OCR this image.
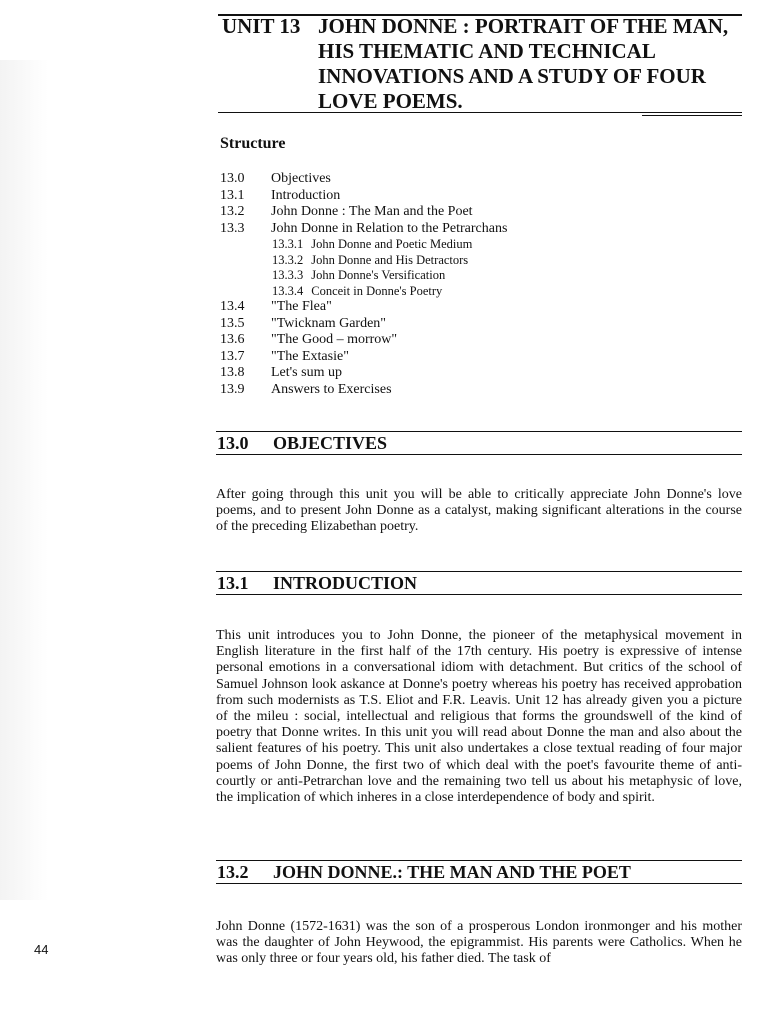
UNIT 13 JOHN DONNE : PORTRAIT OF THE MAN, HIS THEMATIC AND TECHNICAL INNOVATIONS AND A STUDY OF FOUR LOVE POEMS.
Structure
13.0 Objectives
13.1 Introduction
13.2 John Donne : The Man and the Poet
13.3 John Donne in Relation to the Petrarchans
13.3.1 John Donne and Poetic Medium
13.3.2 John Donne and His Detractors
13.3.3 John Donne's Versification
13.3.4 Conceit in Donne's Poetry
13.4 "The Flea"
13.5 "Twicknam Garden"
13.6 "The Good – morrow"
13.7 "The Extasie"
13.8 Let's sum up
13.9 Answers to Exercises
13.0 OBJECTIVES
After going through this unit you will be able to critically appreciate John Donne's love poems, and to present John Donne as a catalyst, making significant alterations in the course of the preceding Elizabethan poetry.
13.1 INTRODUCTION
This unit introduces you to John Donne, the pioneer of the metaphysical movement in English literature in the first half of the 17th century. His poetry is expressive of intense personal emotions in a conversational idiom with detachment. But critics of the school of Samuel Johnson look askance at Donne's poetry whereas his poetry has received approbation from such modernists as T.S. Eliot and F.R. Leavis. Unit 12 has already given you a picture of the mileu : social, intellectual and religious that forms the groundswell of the kind of poetry that Donne writes. In this unit you will read about Donne the man and also about the salient features of his poetry. This unit also undertakes a close textual reading of four major poems of John Donne, the first two of which deal with the poet's favourite theme of anti-courtly or anti-Petrarchan love and the remaining two tell us about his metaphysic of love, the implication of which inheres in a close interdependence of body and spirit.
13.2 JOHN DONNE.: THE MAN AND THE POET
John Donne (1572-1631) was the son of a prosperous London ironmonger and his mother was the daughter of John Heywood, the epigrammist. His parents were Catholics. When he was only three or four years old, his father died. The task of
44
